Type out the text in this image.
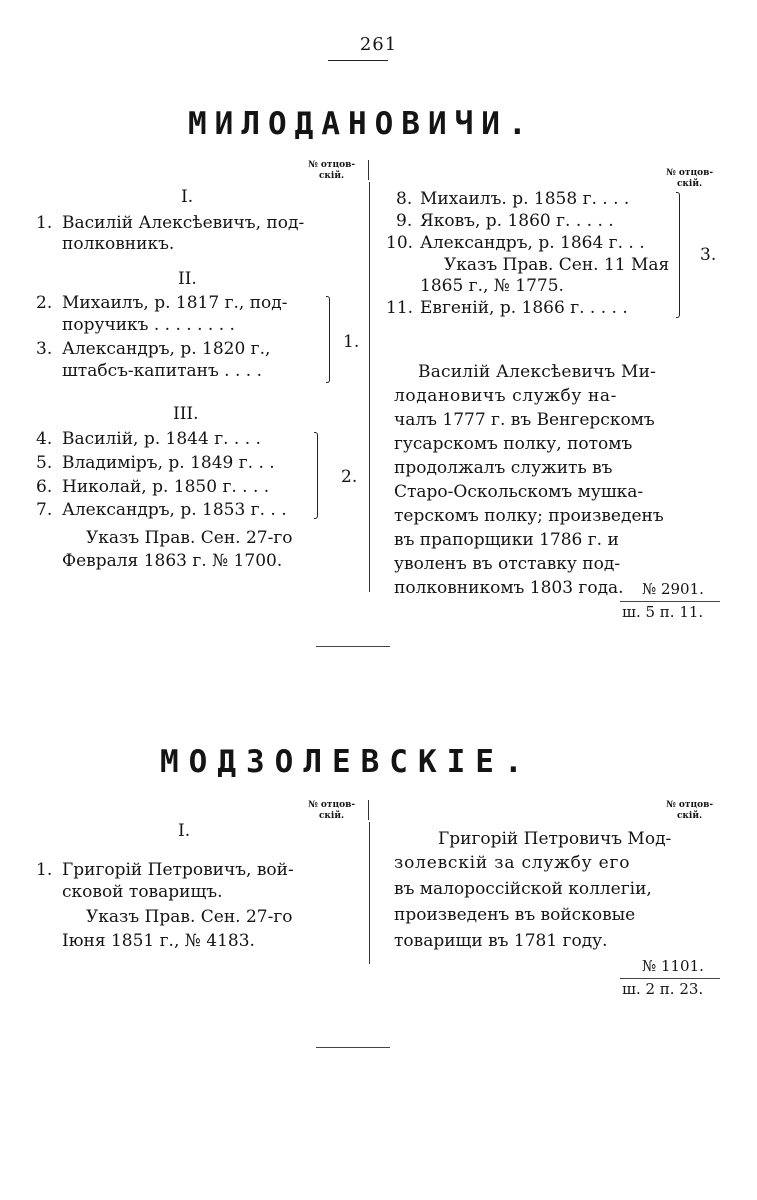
261
МИЛОДАНОВИЧИ.
№ отцов-
скій.
I.
1. Василій Алексѣевичъ, под-
полковникъ.
II.
2. Михаилъ, р. 1817 г., под-
поручикъ . . . . . . . .
3. Александръ, р. 1820 г.,
штабсъ-капитанъ . . . .
1.
III.
4. Василій, р. 1844 г. . . .
5. Владиміръ, р. 1849 г. . .
6. Николай, р. 1850 г. . . .
7. Александръ, р. 1853 г. . .
2.
Указъ Прав. Сен. 27-го
Февраля 1863 г. № 1700.
№ отцов-
скій.
8. Михаилъ. р. 1858 г. . . .
9. Яковъ, р. 1860 г. . . . .
10. Александръ, р. 1864 г. . .
Указъ Прав. Сен. 11 Мая
1865 г., № 1775.
11. Евгеній, р. 1866 г. . . . .
3.
Василій Алексѣевичъ Ми-
лодановичъ службу на-
чалъ 1777 г. въ Венгерскомъ
гусарскомъ полку, потомъ
продолжалъ служить въ
Старо-Оскольскомъ мушка-
терскомъ полку; произведенъ
въ прапорщики 1786 г. и
уволенъ въ отставку под-
полковникомъ 1803 года. № 2901.
ш. 5 п. 11.
МОДЗОЛЕВСКІЕ.
№ отцов-
скій.
№ отцов-
скій.
I.
1. Григорій Петровичъ, вой-
сковой товарищъ.
Указъ Прав. Сен. 27-го
Іюня 1851 г., № 4183.
Григорій Петровичъ Мод-
золевскій за службу его
въ малороссійской коллегіи,
произведенъ въ войсковые
товарищи въ 1781 году.
№ 1101.
ш. 2 п. 23.
